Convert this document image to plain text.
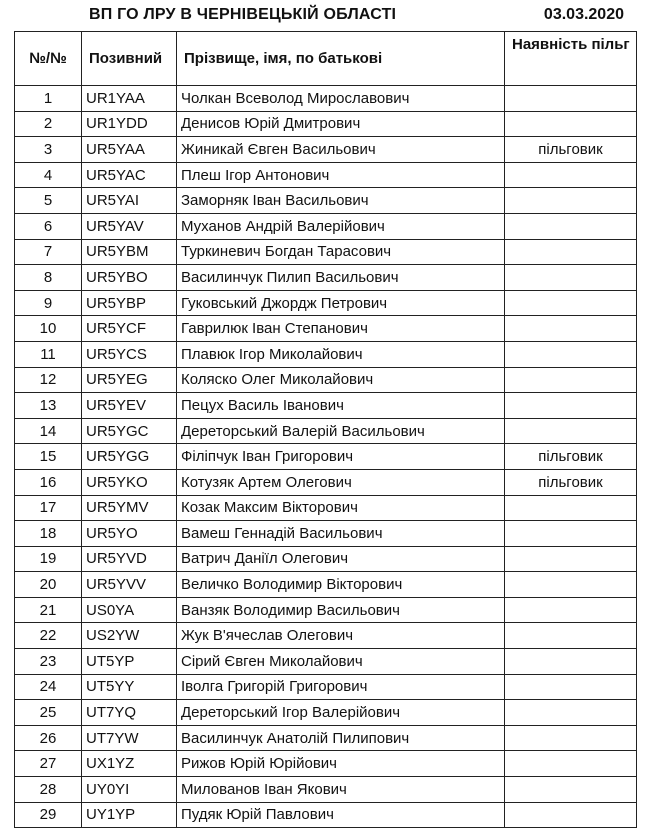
ВП ГО ЛРУ В ЧЕРНІВЕЦЬКІЙ ОБЛАСТІ	03.03.2020
№/№	Позивний	Прізвище, імя, по батькові	Наявність пільг
1	UR1YAA	Чолкан Всеволод Мирославович	
2	UR1YDD	Денисов Юрій Дмитрович	
3	UR5YAA	Жиникай Євген Васильович	пільговик
4	UR5YAC	Плеш Ігор Антонович	
5	UR5YAI	Заморняк Іван Васильович	
6	UR5YAV	Муханов Андрій Валерійович	
7	UR5YBM	Туркиневич Богдан Тарасович	
8	UR5YBO	Василинчук Пилип Васильович	
9	UR5YBP	Гуковський Джордж Петрович	
10	UR5YCF	Гаврилюк Іван Степанович	
11	UR5YCS	Плавюк Ігор Миколайович	
12	UR5YEG	Коляско Олег Миколайович	
13	UR5YEV	Пецух Василь Іванович	
14	UR5YGC	Дереторський Валерій Васильович	
15	UR5YGG	Філіпчук Іван Григорович	пільговик
16	UR5YKO	Котузяк Артем Олегович	пільговик
17	UR5YMV	Козак Максим Вікторович	
18	UR5YO	Вамеш Геннадій Васильович	
19	UR5YVD	Ватрич Даніїл Олегович	
20	UR5YVV	Величко Володимир Вікторович	
21	US0YA	Ванзяк Володимир Васильович	
22	US2YW	Жук В'ячеслав Олегович	
23	UT5YP	Сірий Євген Миколайович	
24	UT5YY	Іволга Григорій Григорович	
25	UT7YQ	Дереторський Ігор Валерійович	
26	UT7YW	Василинчук Анатолій Пилипович	
27	UX1YZ	Рижов Юрій Юрійович	
28	UY0YI	Милованов Іван Якович	
29	UY1YP	Пудяк Юрій Павлович	
